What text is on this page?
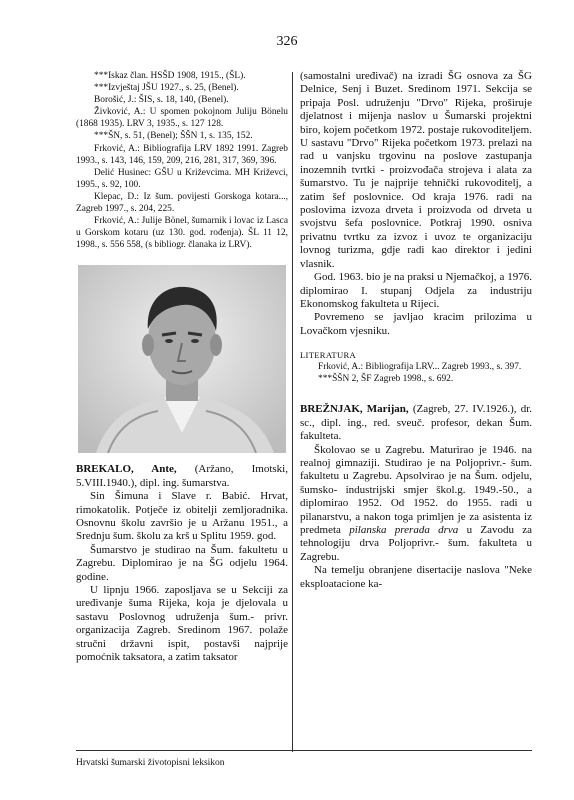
326

***Iskaz član. HSŠD 1908, 1915., (ŠL).

***Izvještaj JŠU 1927., s. 25, (Benel).

Borošić, J.: ŠIS, s. 18, 140, (Benel).

Živković, A.: U spomen pokojnom Juliju Bönelu (1868 1935). LRV 3, 1935., s. 127 128.

***ŠN, s. 51, (Benel); ŠŠN 1, s. 135, 152.

Frković, A.: Bibliografija LRV 1892 1991. Zagreb 1993., s. 143, 146, 159, 209, 216, 281, 317, 369, 396.

Delić Husinec: GŠU u Križevcima. MH Križevci, 1995., s. 92, 100.

Klepac, D.: Iz šum. povijesti Gorskoga kotara..., Zagreb 1997., s. 204, 225.

Frković, A.: Julije Bönel, šumarnik i lovac iz Lasca u Gorskom kotaru (uz 130. god. rođenja). ŠL 11 12, 1998., s. 556 558, (s bibliogr. članaka iz LRV).

BREKALO, Ante, (Aržano, Imotski, 5.VIII.1940.), dipl. ing. šumarstva.

Sin Šimuna i Slave r. Babić. Hrvat, rimokatolik. Potječe iz obitelji zemljoradnika. Osnovnu školu završio je u Aržanu 1951., a Srednju šum. školu za krš u Splitu 1959. god.

Šumarstvo je studirao na Šum. fakultetu u Zagrebu. Diplomirao je na ŠG odjelu 1964. godine.

U lipnju 1966. zaposljava se u Sekciji za uređivanje šuma Rijeka, koja je djelovala u sastavu Poslovnog udruženja šum.- privr. organizacija Zagreb. Sredinom 1967. polaže stručni državni ispit, postavši najprije pomoćnik taksatora, a zatim taksator

(samostalni uređivač) na izradi ŠG osnova za ŠG Delnice, Senj i Buzet. Sredinom 1971. Sekcija se pripaja Posl. udruženju "Drvo" Rijeka, proširuje djelatnost i mijenja naslov u Šumarski projektni biro, kojem početkom 1972. postaje rukovoditeljem. U sastavu "Drvo" Rijeka početkom 1973. prelazi na rad u vanjsku trgovinu na poslove zastupanja inozemnih tvrtki - proizvođača strojeva i alata za šumarstvo. Tu je najprije tehnički rukovoditelj, a zatim šef poslovnice. Od kraja 1976. radi na poslovima izvoza drveta i proizvoda od drveta u svojstvu šefa poslovnice. Potkraj 1990. osniva privatnu tvrtku za izvoz i uvoz te organizaciju lovnog turizma, gdje radi kao direktor i jedini vlasnik.

God. 1963. bio je na praksi u Njemačkoj, a 1976. diplomirao I. stupanj Odjela za industriju Ekonomskog fakulteta u Rijeci.

Povremeno se javljao kracim prilozima u Lovačkom vjesniku.

LITERATURA

Frković, A.: Bibliografija LRV... Zagreb 1993., s. 397.

***ŠŠN 2, ŠF Zagreb 1998., s. 692.

BREŽNJAK, Marijan, (Zagreb, 27. IV.1926.), dr. sc., dipl. ing., red. sveuč. profesor, dekan Šum. fakulteta.

Školovao se u Zagrebu. Maturirao je 1946. na realnoj gimnaziji. Studirao je na Poljoprivr.- šum. fakultetu u Zagrebu. Apsolvirao je na Šum. odjelu, šumsko- industrijski smjer škol.g. 1949.-50., a diplomirao 1952. Od 1952. do 1955. radi u pilanarstvu, a nakon toga primljen je za asistenta iz predmeta pilanska prerada drva u Zavodu za tehnologiju drva Poljoprivr.- šum. fakulteta u Zagrebu.

Na temelju obranjene disertacije naslova "Neke eksploatacione ka-

Hrvatski šumarski životopisni leksikon
